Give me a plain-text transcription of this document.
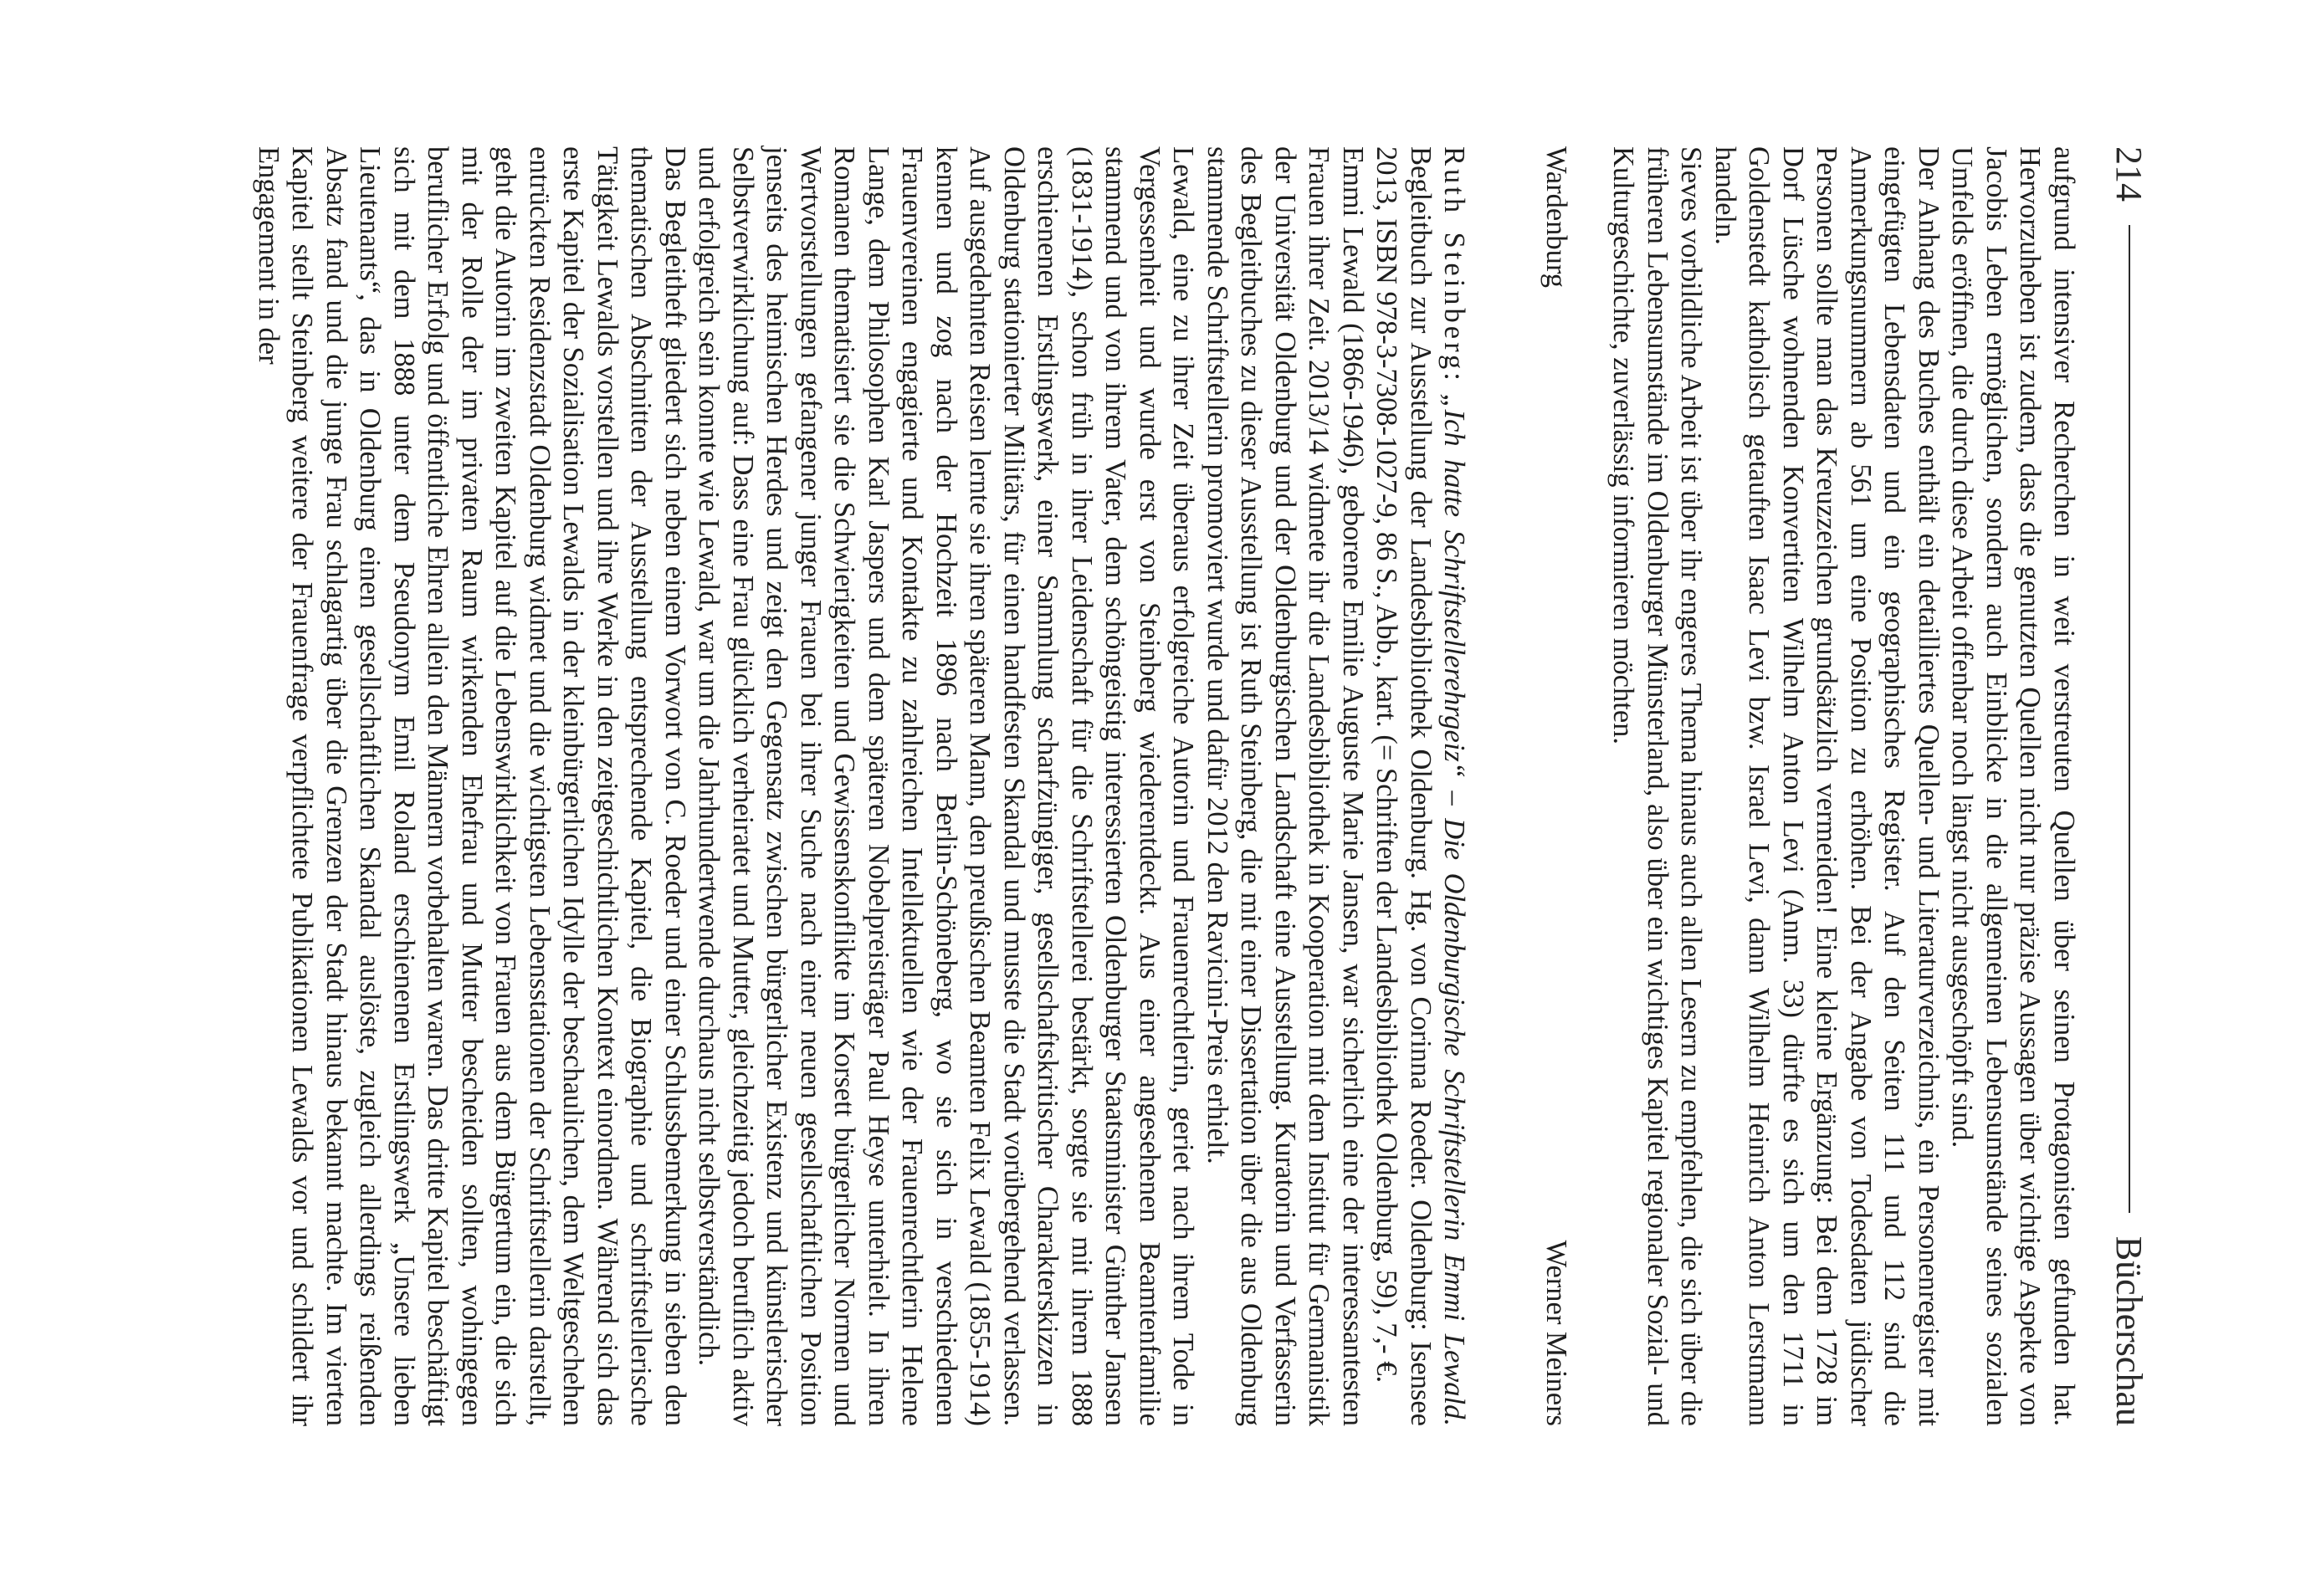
214
Bücherschau

aufgrund intensiver Recherchen in weit verstreuten Quellen über seinen Protagonisten gefunden hat. Hervorzuheben ist zudem, dass die genutzten Quellen nicht nur präzise Aussagen über wichtige Aspekte von Jacobis Leben ermöglichen, sondern auch Einblicke in die allgemeinen Lebensumstände seines sozialen Umfelds eröffnen, die durch diese Arbeit offenbar noch längst nicht ausgeschöpft sind.

Der Anhang des Buches enthält ein detailliertes Quellen- und Literaturverzeichnis, ein Personenregister mit eingefügten Lebensdaten und ein geographisches Register. Auf den Seiten 111 und 112 sind die Anmerkungsnummern ab 561 um eine Position zu erhöhen. Bei der Angabe von Todesdaten jüdischer Personen sollte man das Kreuzzeichen grundsätzlich vermeiden! Eine kleine Ergänzung: Bei dem 1728 im Dorf Lüsche wohnenden Konvertiten Wilhelm Anton Levi (Anm. 33) dürfte es sich um den 1711 in Goldenstedt katholisch getauften Isaac Levi bzw. Israel Levi, dann Wilhelm Heinrich Anton Lerstmann handeln.

Sieves vorbildliche Arbeit ist über ihr engeres Thema hinaus auch allen Lesern zu empfehlen, die sich über die früheren Lebensumstände im Oldenburger Münsterland, also über ein wichtiges Kapitel regionaler Sozial- und Kulturgeschichte, zuverlässig informieren möchten.

Wardenburg

Werner Meiners

Ruth Steinberg: „Ich hatte Schriftstellerehrgeiz“ – Die Oldenburgische Schriftstellerin Emmi Lewald. Begleitbuch zur Ausstellung der Landesbibliothek Oldenburg. Hg. von Corinna Roeder. Oldenburg: Isensee 2013, ISBN 978-3-7308-1027-9, 86 S., Abb., kart. (= Schriften der Landesbibliothek Oldenburg, 59), 7,- €.

Emmi Lewald (1866-1946), geborene Emilie Auguste Marie Jansen, war sicherlich eine der interessantesten Frauen ihrer Zeit. 2013/14 widmete ihr die Landesbibliothek in Kooperation mit dem Institut für Germanistik der Universität Oldenburg und der Oldenburgischen Landschaft eine Ausstellung. Kuratorin und Verfasserin des Begleitbuches zu dieser Ausstellung ist Ruth Steinberg, die mit einer Dissertation über die aus Oldenburg stammende Schriftstellerin promoviert wurde und dafür 2012 den Ravicini-Preis erhielt.

Lewald, eine zu ihrer Zeit überaus erfolgreiche Autorin und Frauenrechtlerin, geriet nach ihrem Tode in Vergessenheit und wurde erst von Steinberg wiederentdeckt. Aus einer angesehenen Beamtenfamilie stammend und von ihrem Vater, dem schöngeistig interessierten Oldenburger Staatsminister Günther Jansen (1831-1914), schon früh in ihrer Leidenschaft für die Schriftstellerei bestärkt, sorgte sie mit ihrem 1888 erschienenen Erstlingswerk, einer Sammlung scharfzüngiger, gesellschaftskritischer Charakterskizzen in Oldenburg stationierter Militärs, für einen handfesten Skandal und musste die Stadt vorübergehend verlassen. Auf ausgedehnten Reisen lernte sie ihren späteren Mann, den preußischen Beamten Felix Lewald (1855-1914) kennen und zog nach der Hochzeit 1896 nach Berlin-Schöneberg, wo sie sich in verschiedenen Frauenvereinen engagierte und Kontakte zu zahlreichen Intellektuellen wie der Frauenrechtlerin Helene Lange, dem Philosophen Karl Jaspers und dem späteren Nobelpreisträger Paul Heyse unterhielt. In ihren Romanen thematisiert sie die Schwierigkeiten und Gewissenskonflikte im Korsett bürgerlicher Normen und Wertvorstellungen gefangener junger Frauen bei ihrer Suche nach einer neuen gesellschaftlichen Position jenseits des heimischen Herdes und zeigt den Gegensatz zwischen bürgerlicher Existenz und künstlerischer Selbstverwirklichung auf: Dass eine Frau glücklich verheiratet und Mutter, gleichzeitig jedoch beruflich aktiv und erfolgreich sein konnte wie Lewald, war um die Jahrhundertwende durchaus nicht selbstverständlich.

Das Begleitheft gliedert sich neben einem Vorwort von C. Roeder und einer Schlussbemerkung in sieben den thematischen Abschnitten der Ausstellung entsprechende Kapitel, die Biographie und schriftstellerische Tätigkeit Lewalds vorstellen und ihre Werke in den zeitgeschichtlichen Kontext einordnen. Während sich das erste Kapitel der Sozialisation Lewalds in der kleinbürgerlichen Idylle der beschaulichen, dem Weltgeschehen entrückten Residenzstadt Oldenburg widmet und die wichtigsten Lebensstationen der Schriftstellerin darstellt, geht die Autorin im zweiten Kapitel auf die Lebenswirklichkeit von Frauen aus dem Bürgertum ein, die sich mit der Rolle der im privaten Raum wirkenden Ehefrau und Mutter bescheiden sollten, wohingegen beruflicher Erfolg und öffentliche Ehren allein den Männern vorbehalten waren. Das dritte Kapitel beschäftigt sich mit dem 1888 unter dem Pseudonym Emil Roland erschienenen Erstlingswerk „Unsere lieben Lieutenants“, das in Oldenburg einen gesellschaftlichen Skandal auslöste, zugleich allerdings reißenden Absatz fand und die junge Frau schlagartig über die Grenzen der Stadt hinaus bekannt machte. Im vierten Kapitel stellt Steinberg weitere der Frauenfrage verpflichtete Publikationen Lewalds vor und schildert ihr Engagement in der
